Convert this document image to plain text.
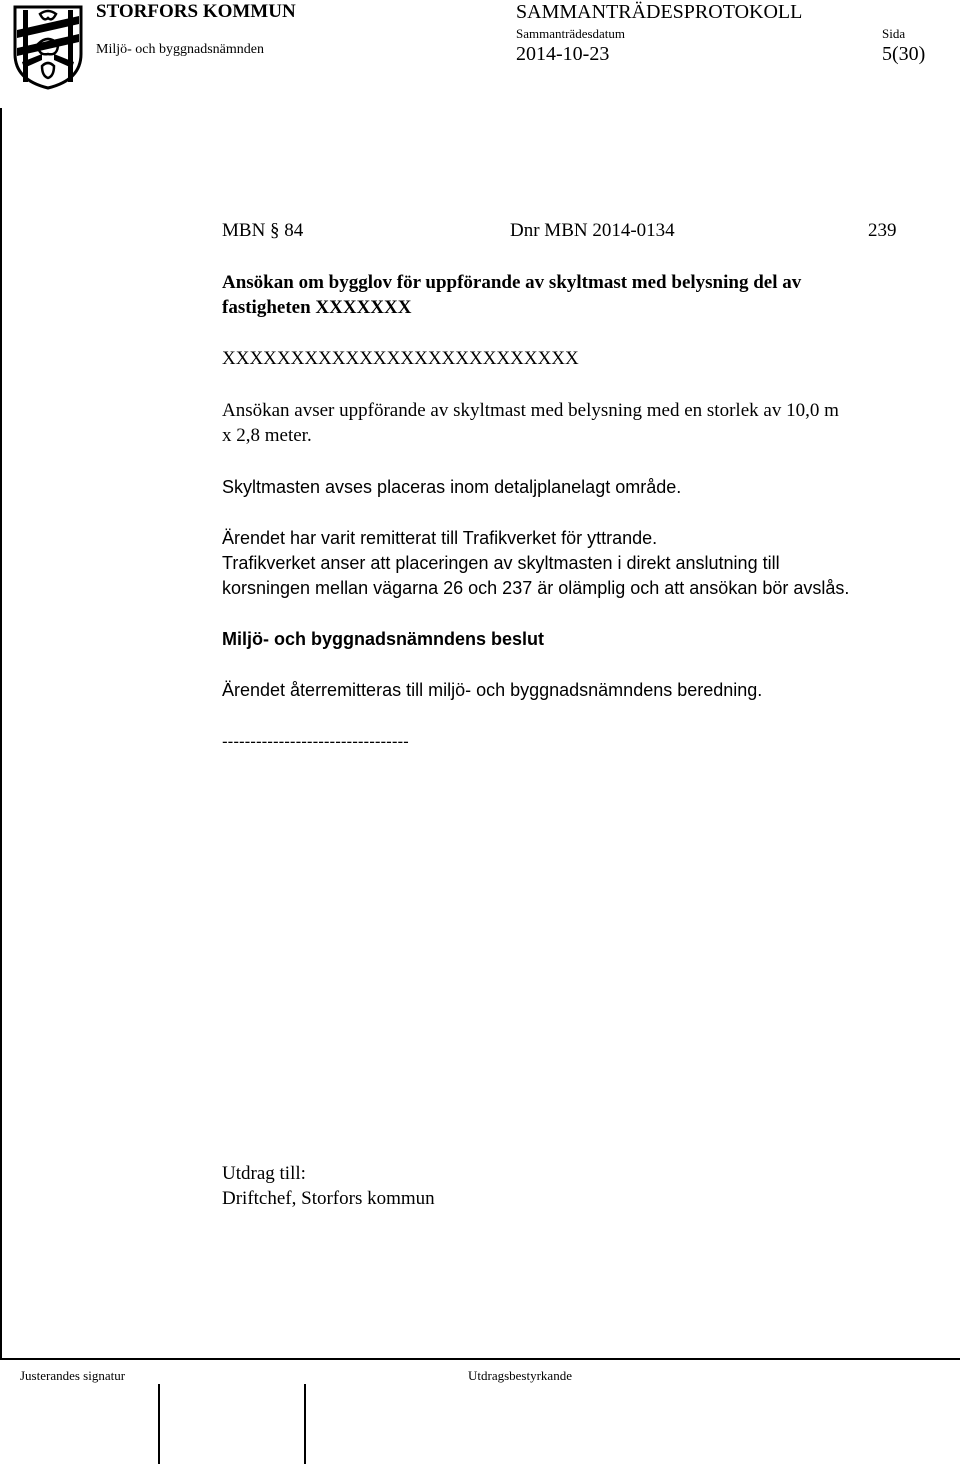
STORFORS KOMMUN
Miljö- och byggnadsnämnden
SAMMANTRÄDESPROTOKOLL
Sammanträdesdatum	Sida
2014-10-23	5(30)
MBN § 84	Dnr MBN 2014-0134	239
Ansökan om bygglov för uppförande av skyltmast med belysning del av
fastigheten XXXXXXX
XXXXXXXXXXXXXXXXXXXXXXXXXX
Ansökan avser uppförande av skyltmast med belysning med en storlek av 10,0 m
x 2,8 meter.
Skyltmasten avses placeras inom detaljplanelagt område.
Ärendet har varit remitterat till Trafikverket för yttrande.
Trafikverket anser att placeringen av skyltmasten i direkt anslutning till
korsningen mellan vägarna 26 och 237 är olämplig och att ansökan bör avslås.
Miljö- och byggnadsnämndens beslut
Ärendet återremitteras till miljö- och byggnadsnämndens beredning.
---------------------------------
Utdrag till:
Driftchef, Storfors kommun
Justerandes signatur	Utdragsbestyrkande
